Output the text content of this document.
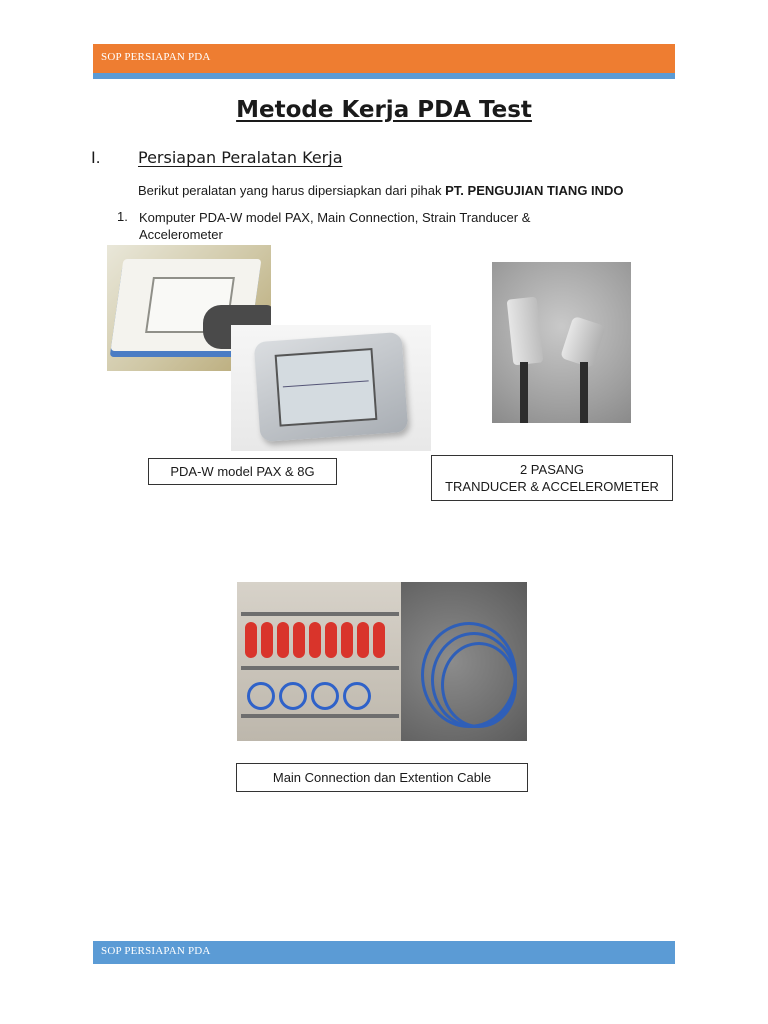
SOP PERSIAPAN PDA
Metode Kerja PDA Test
I. Persiapan Peralatan Kerja
Berikut peralatan yang harus dipersiapkan dari pihak PT. PENGUJIAN TIANG INDO
1. Komputer PDA-W model PAX, Main Connection, Strain Tranducer & Accelerometer
PDA-W model PAX & 8G	2 PASANG
TRANDUCER & ACCELEROMETER
Main Connection dan Extention Cable
SOP PERSIAPAN PDA
